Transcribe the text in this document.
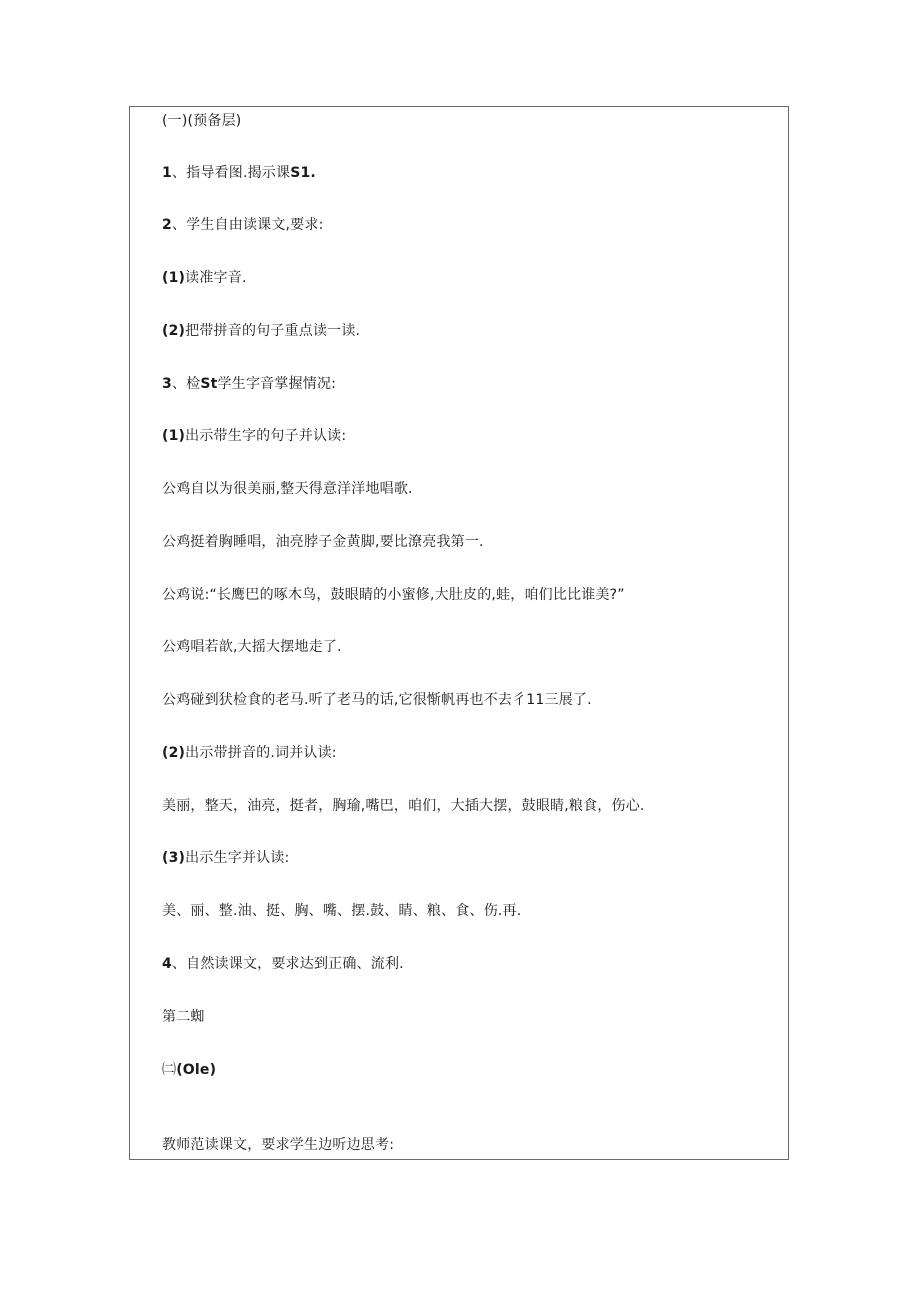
(一)(预备层)
1、指导看图.揭示课S1.
2、学生自由读课文,要求:
(1)读准字音.
(2)把带拼音的句子重点读一读.
3、检St学生字音掌握情况:
(1)出示带生字的句子并认读:
公鸡自以为很美丽,整天得意洋洋地唱歌.
公鸡挺着胸睡唱，油亮脖子金黄脚,要比潦亮我第一.
公鸡说:“长鹰巴的啄木鸟，鼓眼睛的小蜜修,大肚皮的,蛙，咱们比比谁美?”
公鸡唱若歆,大摇大摆地走了.
公鸡碰到犾检食的老马.听了老马的话,它很惭帆再也不去彳11三展了.
(2)出示带拼音的.词并认读:
美丽，整天，油亮，挺者，胸瑜,嘴巴，咱们，大插大摆，鼓眼睛,粮食，伤心.
(3)出示生字并认读:
美、丽、整.油、挺、胸、嘴、摆.鼓、睛、粮、食、伤.再.
4、自然读课文，要求达到正确、流利.
第二蜘
㈡(Ole)
教师范读课文，要求学生边听边思考:
